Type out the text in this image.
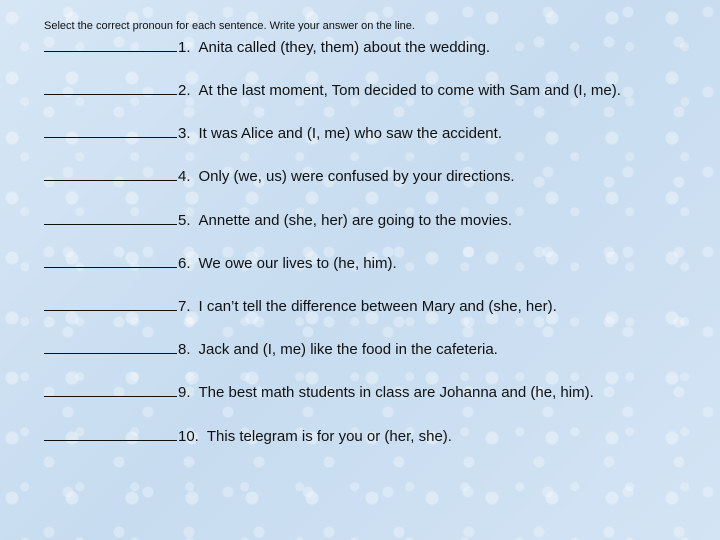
Select the correct pronoun for each sentence. Write your answer on the line.
1. Anita called (they, them) about the wedding.
2. At the last moment, Tom decided to come with Sam and (I, me).
3. It was Alice and (I, me) who saw the accident.
4. Only (we, us) were confused by your directions.
5. Annette and (she, her) are going to the movies.
6. We owe our lives to (he, him).
7. I can’t tell the difference between Mary and (she, her).
8. Jack and (I, me) like the food in the cafeteria.
9. The best math students in class are Johanna and (he, him).
10. This telegram is for you or (her, she).
